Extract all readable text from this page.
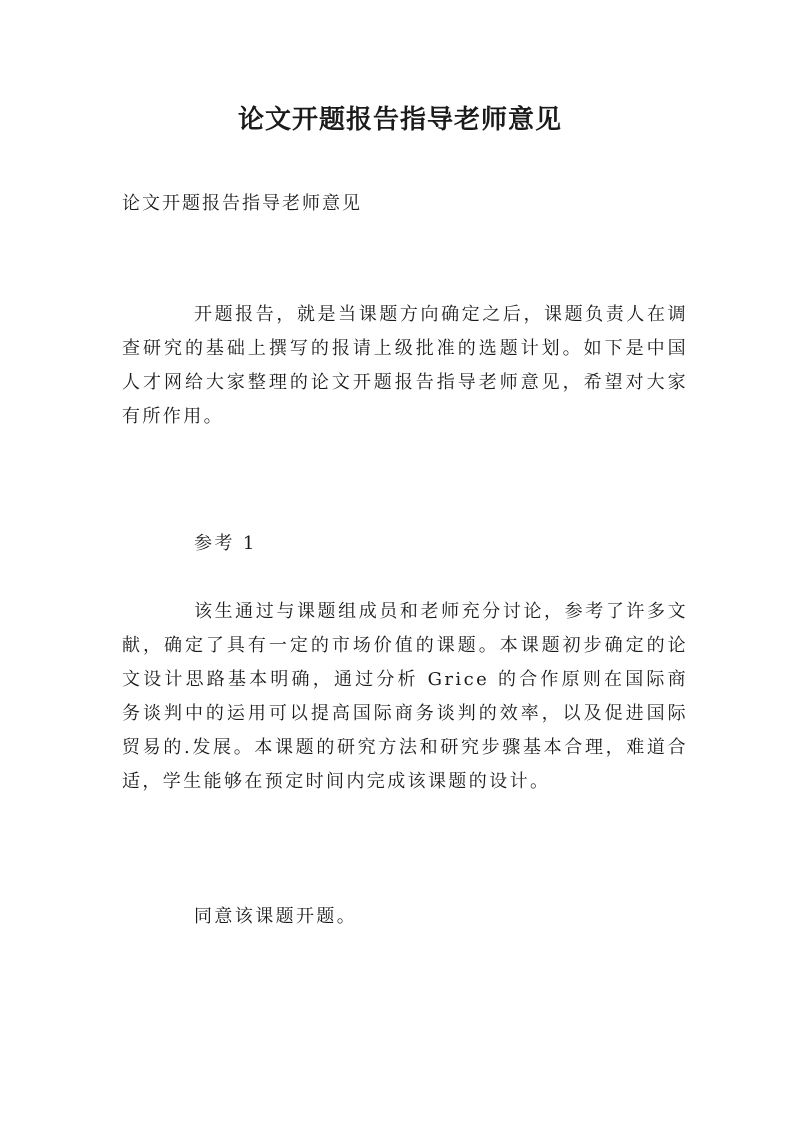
论文开题报告指导老师意见

论文开题报告指导老师意见

开题报告，就是当课题方向确定之后，课题负责人在调查研究的基础上撰写的报请上级批准的选题计划。如下是中国人才网给大家整理的论文开题报告指导老师意见，希望对大家有所作用。

参考 1

该生通过与课题组成员和老师充分讨论，参考了许多文献，确定了具有一定的市场价值的课题。本课题初步确定的论文设计思路基本明确，通过分析 Grice 的合作原则在国际商务谈判中的运用可以提高国际商务谈判的效率，以及促进国际贸易的.发展。本课题的研究方法和研究步骤基本合理，难道合适，学生能够在预定时间内完成该课题的设计。

同意该课题开题。
